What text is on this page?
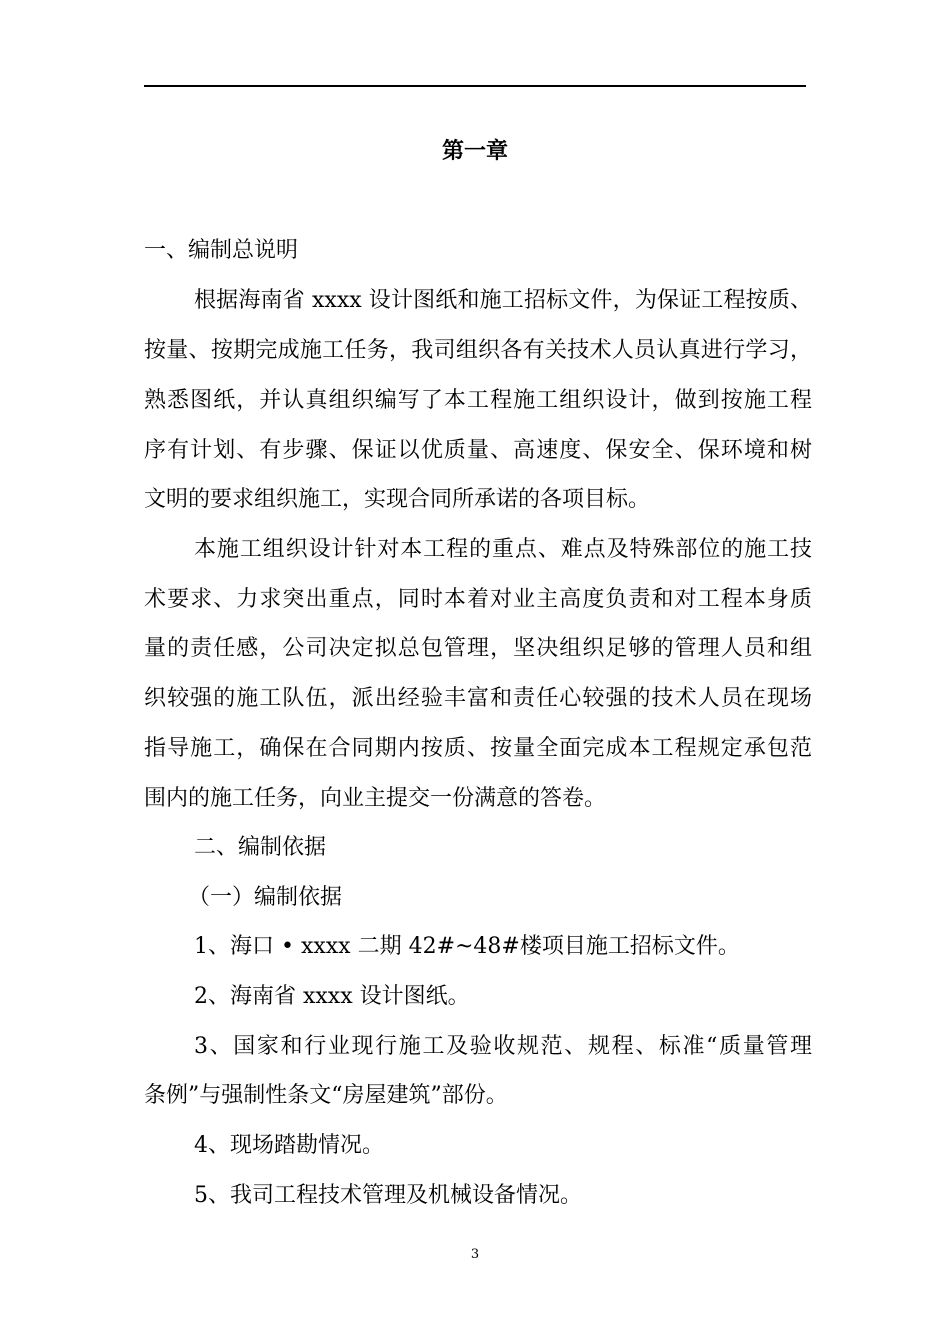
第一章
一、编制总说明
根据海南省 xxxx 设计图纸和施工招标文件，为保证工程按质、
按量、按期完成施工任务，我司组织各有关技术人员认真进行学习，
熟悉图纸，并认真组织编写了本工程施工组织设计，做到按施工程
序有计划、有步骤、保证以优质量、高速度、保安全、保环境和树
文明的要求组织施工，实现合同所承诺的各项目标。
本施工组织设计针对本工程的重点、难点及特殊部位的施工技
术要求、力求突出重点，同时本着对业主高度负责和对工程本身质
量的责任感，公司决定拟总包管理，坚决组织足够的管理人员和组
织较强的施工队伍，派出经验丰富和责任心较强的技术人员在现场
指导施工，确保在合同期内按质、按量全面完成本工程规定承包范
围内的施工任务，向业主提交一份满意的答卷。
二、编制依据
（一）编制依据
1、海口 • xxxx 二期 42#~48#楼项目施工招标文件。
2、海南省 xxxx 设计图纸。
3、国家和行业现行施工及验收规范、规程、标准“质量管理
条例”与强制性条文“房屋建筑”部份。
4、现场踏勘情况。
5、我司工程技术管理及机械设备情况。
3
